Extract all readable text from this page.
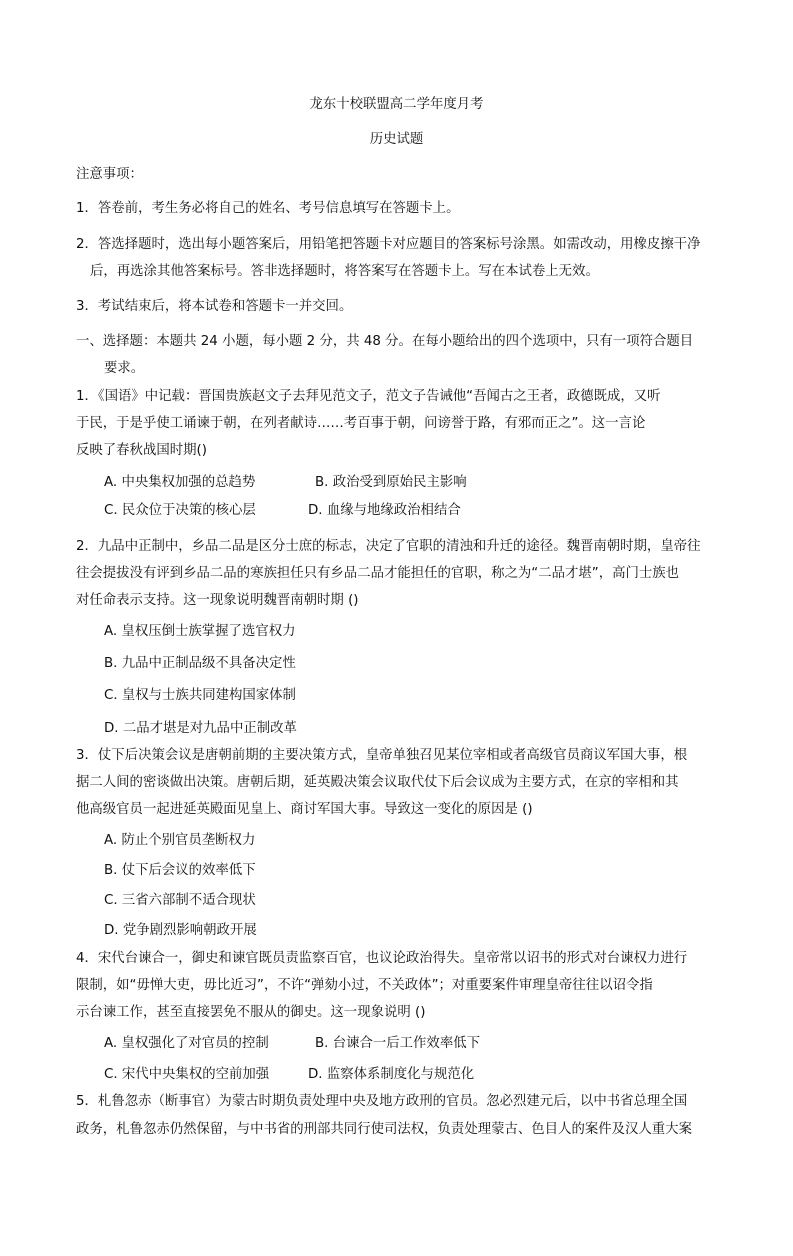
龙东十校联盟高二学年度月考
历史试题
注意事项：
1．答卷前，考生务必将自己的姓名、考号信息填写在答题卡上。
2．答选择题时，选出每小题答案后，用铅笔把答题卡对应题目的答案标号涂黑。如需改动，用橡皮擦干净
后，再选涂其他答案标号。答非选择题时，将答案写在答题卡上。写在本试卷上无效。
3．考试结束后，将本试卷和答题卡一并交回。
一、选择题：本题共 24 小题，每小题 2 分，共 48 分。在每小题给出的四个选项中，只有一项符合题目
要求。
1．《国语》中记载：晋国贵族赵文子去拜见范文子，范文子告诫他“吾闻古之王者，政德既成，又听
于民，于是乎使工诵谏于朝，在列者献诗……考百事于朝，问谤誉于路，有邪而正之”。这一言论
反映了春秋战国时期()
A. 中央集权加强的总趋势	B. 政治受到原始民主影响
C. 民众位于决策的核心层	D. 血缘与地缘政治相结合
2．九品中正制中，乡品二品是区分士庶的标志，决定了官职的清浊和升迁的途径。魏晋南朝时期，皇帝往
往会提拔没有评到乡品二品的寒族担任只有乡品二品才能担任的官职，称之为“二品才堪”，高门士族也
对任命表示支持。这一现象说明魏晋南朝时期 ()
A. 皇权压倒士族掌握了选官权力
B. 九品中正制品级不具备决定性
C. 皇权与士族共同建构国家体制
D. 二品才堪是对九品中正制改革
3．仗下后决策会议是唐朝前期的主要决策方式，皇帝单独召见某位宰相或者高级官员商议军国大事，根
据二人间的密谈做出决策。唐朝后期，延英殿决策会议取代仗下后会议成为主要方式，在京的宰相和其
他高级官员一起进延英殿面见皇上、商讨军国大事。导致这一变化的原因是 ()
A. 防止个别官员垄断权力
B. 仗下后会议的效率低下
C. 三省六部制不适合现状
D. 党争剧烈影响朝政开展
4．宋代台谏合一，御史和谏官既员责监察百官，也议论政治得失。皇帝常以诏书的形式对台谏权力进行
限制，如“毋惮大吏，毋比近习”，不许“弹劾小过，不关政体”；对重要案件审理皇帝往往以诏令指
示台谏工作，甚至直接罢免不服从的御史。这一现象说明 ()
A. 皇权强化了对官员的控制	B. 台谏合一后工作效率低下
C. 宋代中央集权的空前加强	D. 监察体系制度化与规范化
5．札鲁忽赤（断事官）为蒙古时期负责处理中央及地方政刑的官员。忽必烈建元后，以中书省总理全国
政务，札鲁忽赤仍然保留，与中书省的刑部共同行使司法权，负责处理蒙古、色目人的案件及汉人重大案
